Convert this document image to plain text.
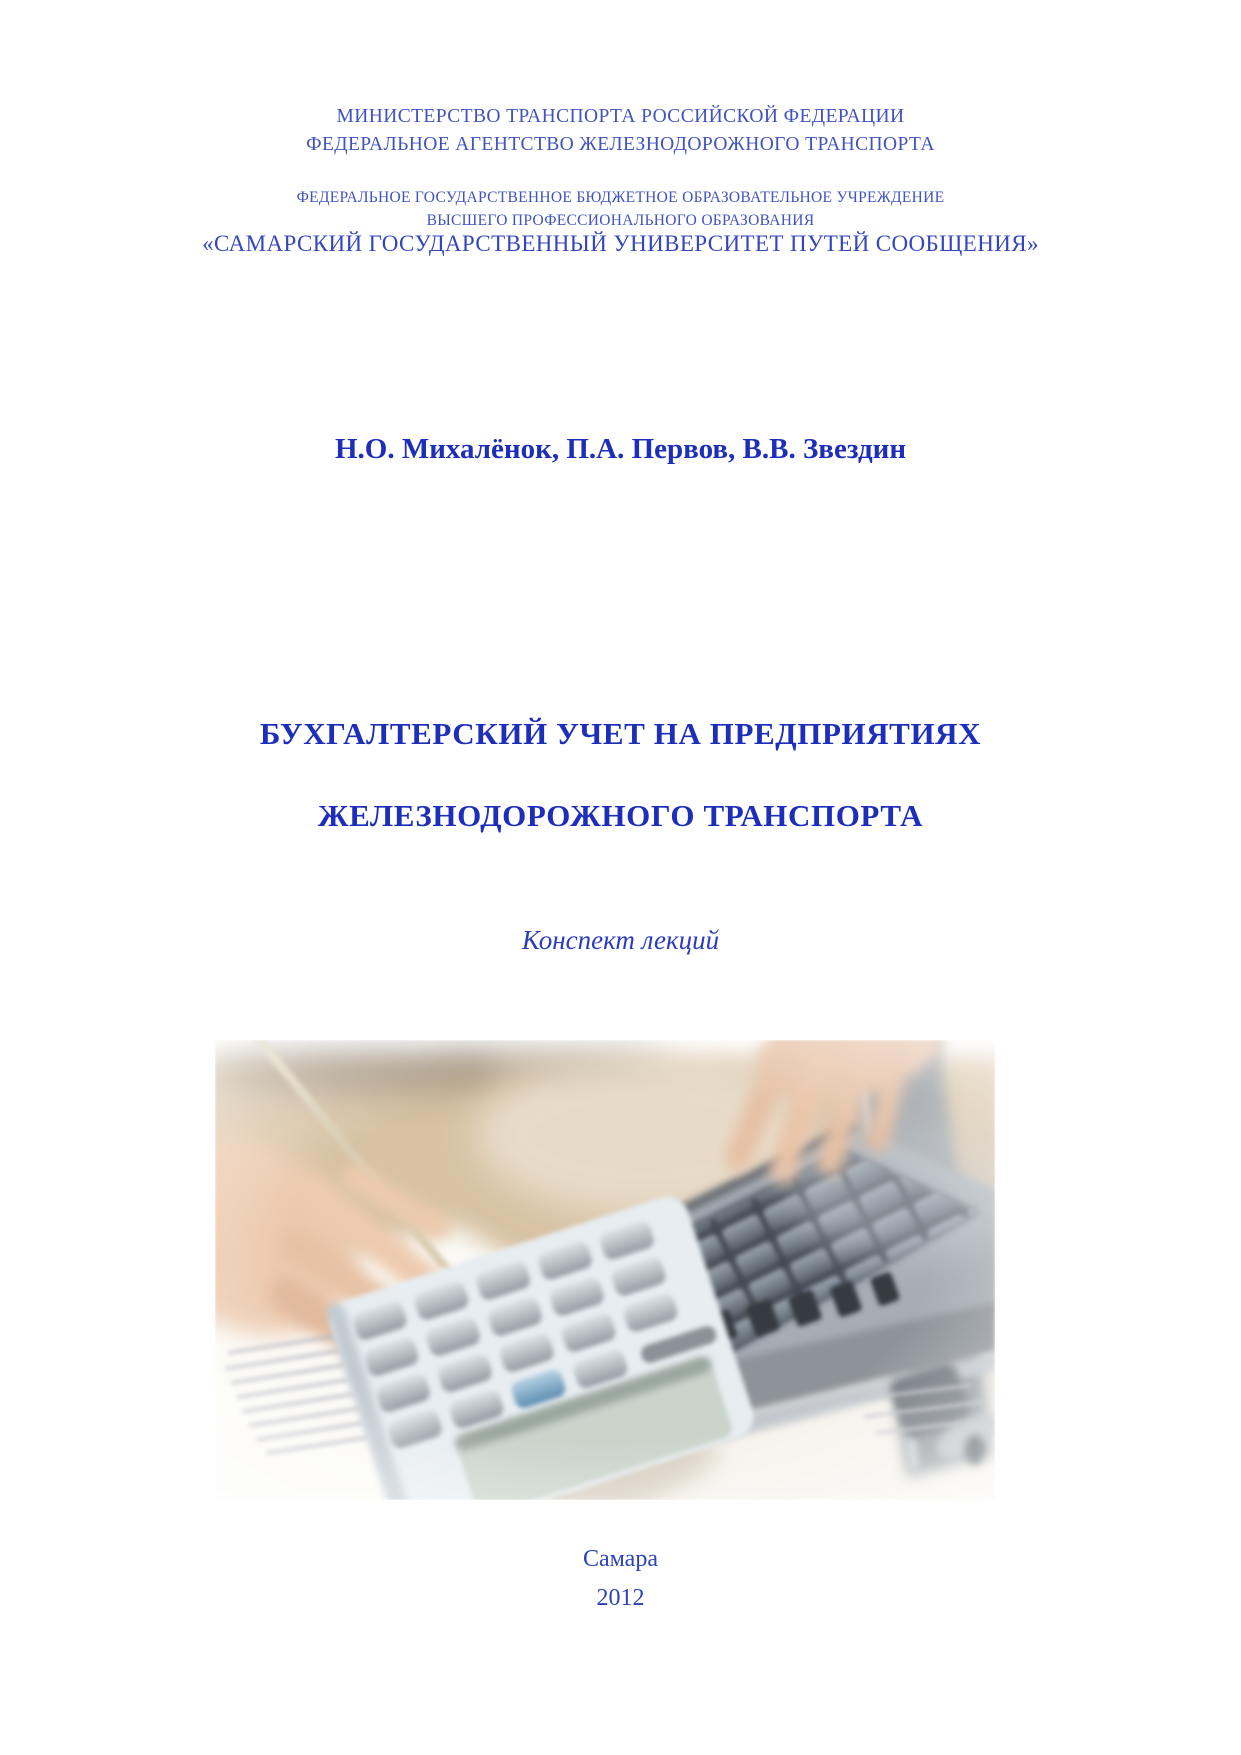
МИНИСТЕРСТВО ТРАНСПОРТА РОССИЙСКОЙ ФЕДЕРАЦИИ
ФЕДЕРАЛЬНОЕ АГЕНТСТВО ЖЕЛЕЗНОДОРОЖНОГО ТРАНСПОРТА
ФЕДЕРАЛЬНОЕ ГОСУДАРСТВЕННОЕ БЮДЖЕТНОЕ ОБРАЗОВАТЕЛЬНОЕ УЧРЕЖДЕНИЕ
ВЫСШЕГО ПРОФЕССИОНАЛЬНОГО ОБРАЗОВАНИЯ
«САМАРСКИЙ ГОСУДАРСТВЕННЫЙ УНИВЕРСИТЕТ ПУТЕЙ СООБЩЕНИЯ»
Н.О. Михалёнок, П.А. Первов, В.В. Звездин
БУХГАЛТЕРСКИЙ УЧЕТ НА ПРЕДПРИЯТИЯХ
ЖЕЛЕЗНОДОРОЖНОГО ТРАНСПОРТА
Конспект лекций
Самара
2012
